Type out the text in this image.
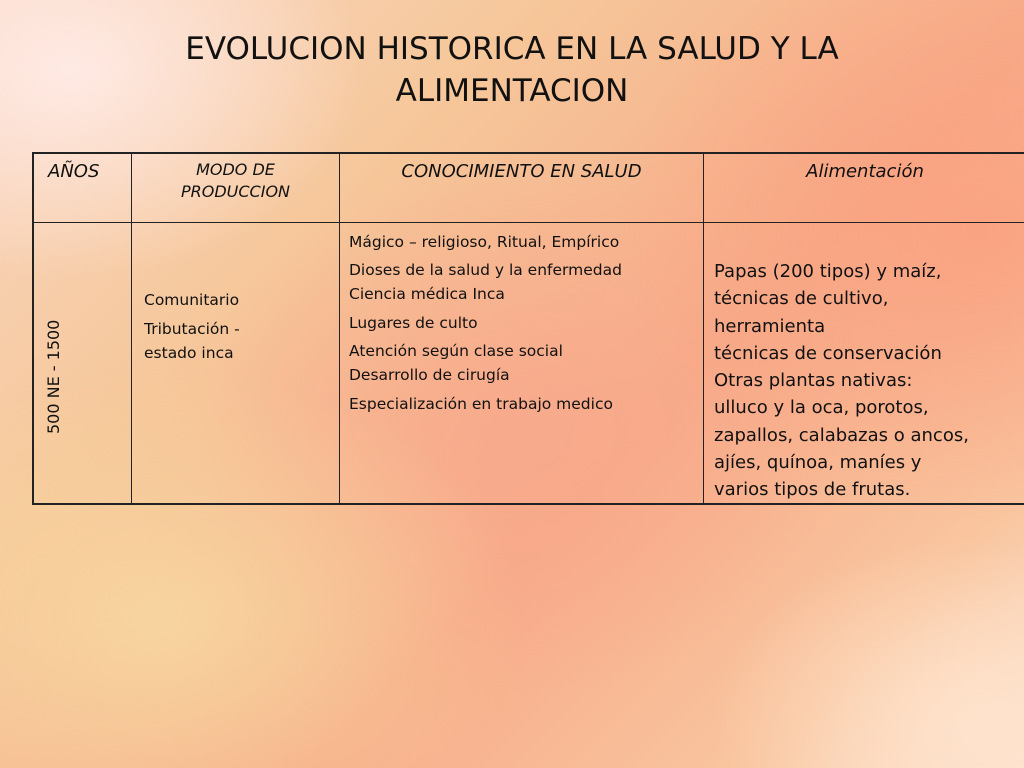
EVOLUCION HISTORICA EN LA SALUD Y LA
ALIMENTACION
AÑOS	MODO DE
PRODUCCION
CONOCIMIENTO EN SALUD	Alimentación
500 NE - 1500

Comunitario

Tributación -

estado inca

Mágico – religioso, Ritual, Empírico

Dioses de la salud y la enfermedad

Ciencia médica Inca

Lugares de culto

Atención según clase social

Desarrollo de cirugía

Especialización en trabajo medico

Papas (200 tipos) y maíz,

técnicas de cultivo,

herramienta

técnicas de conservación

Otras plantas nativas:

ulluco y la oca, porotos,

zapallos, calabazas o ancos,

ajíes, quínoa, maníes y

varios tipos de frutas.
